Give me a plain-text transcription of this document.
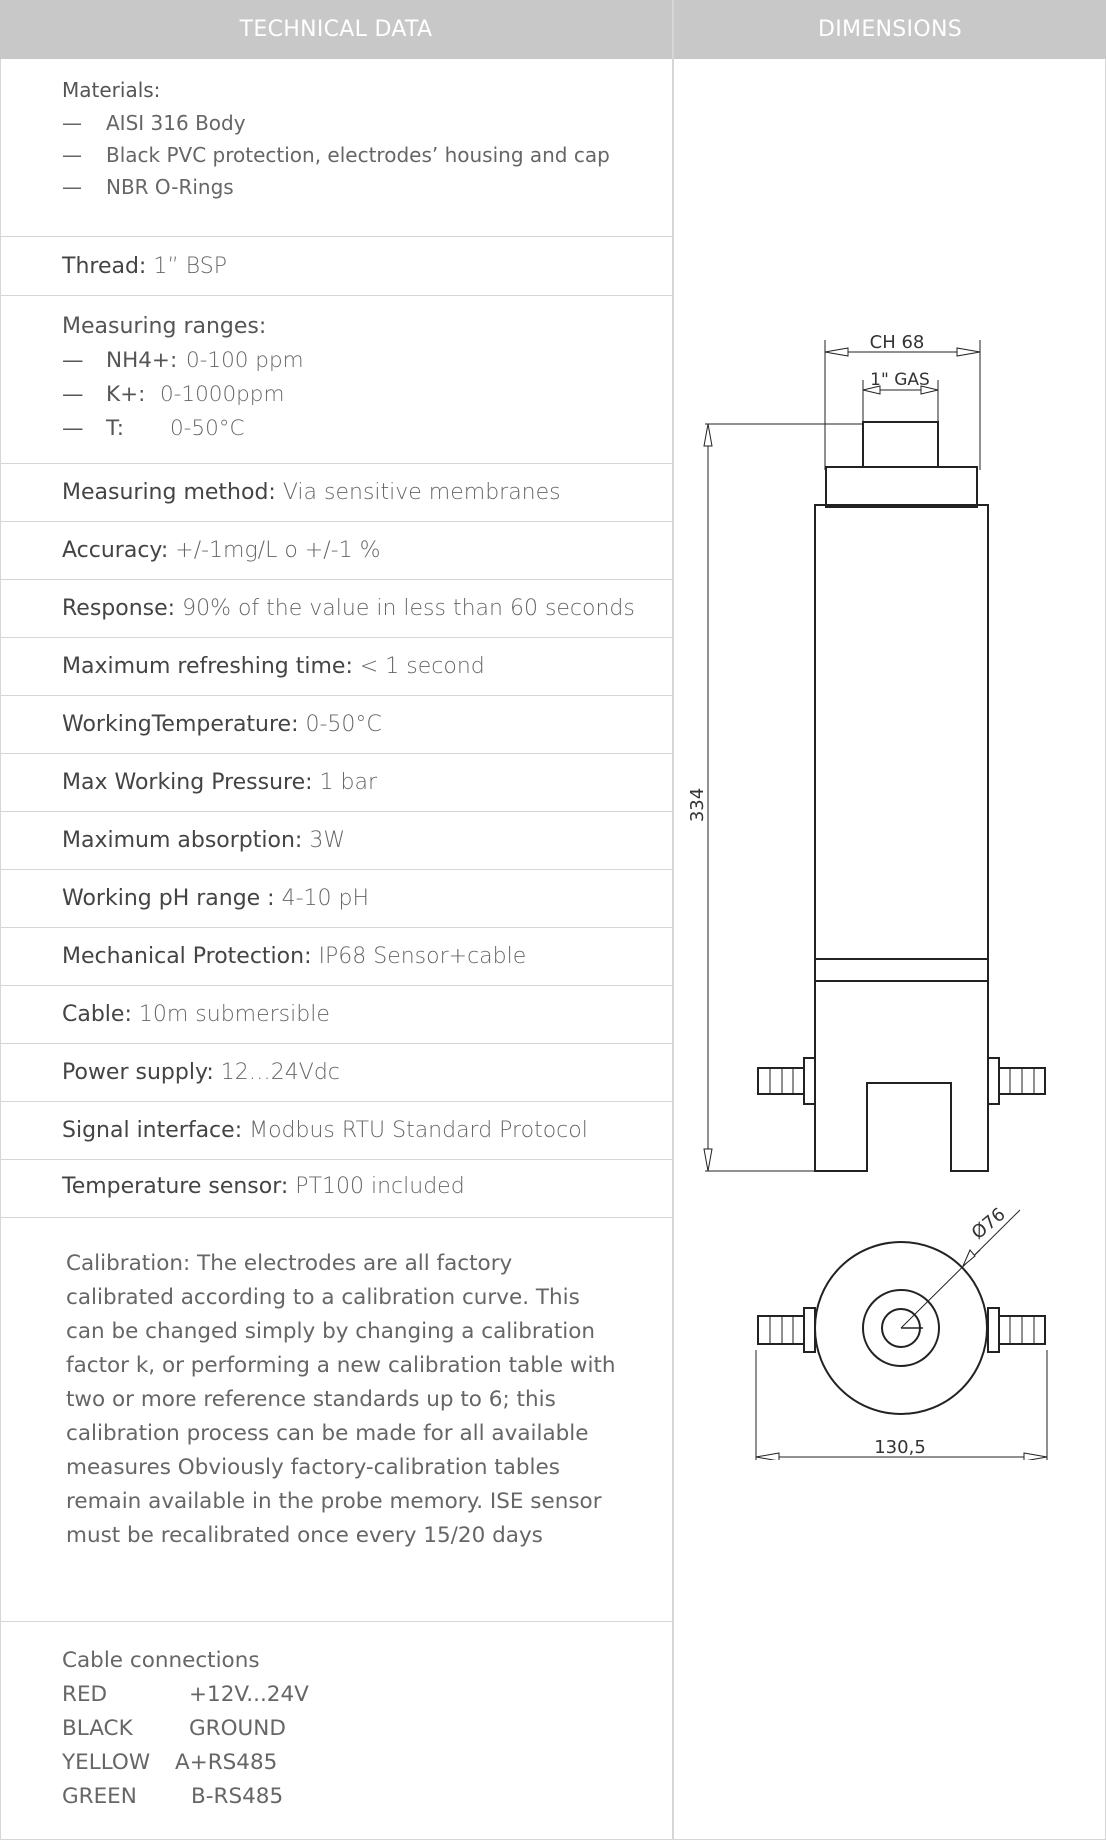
TECHNICAL DATA	DIMENSIONS
Materials:
— AISI 316 Body
— Black PVC protection, electrodes’ housing and cap
— NBR O-Rings
Thread: 1” BSP
Measuring ranges:
— NH4+: 0-100 ppm
— K+: 0-1000ppm
— T: 0-50°C
Measuring method: Via sensitive membranes
Accuracy: +/-1mg/L o +/-1 %
Response: 90% of the value in less than 60 seconds
Maximum refreshing time: < 1 second
WorkingTemperature: 0-50°C
Max Working Pressure: 1 bar
Maximum absorption: 3W
Working pH range : 4-10 pH
Mechanical Protection: IP68 Sensor+cable
Cable: 10m submersible
Power supply: 12…24Vdc
Signal interface: Modbus RTU Standard Protocol
Temperature sensor: PT100 included
Calibration: The electrodes are all factory
calibrated according to a calibration curve. This
can be changed simply by changing a calibration
factor k, or performing a new calibration table with
two or more reference standards up to 6; this
calibration process can be made for all available
measures Obviously factory-calibration tables
remain available in the probe memory. ISE sensor
must be recalibrated once every 15/20 days
Cable connections
RED	+12V...24V
BLACK	GROUND
YELLOW A+RS485
GREEN	B-RS485
CH 68
1" GAS
334
Ø76
130,5
